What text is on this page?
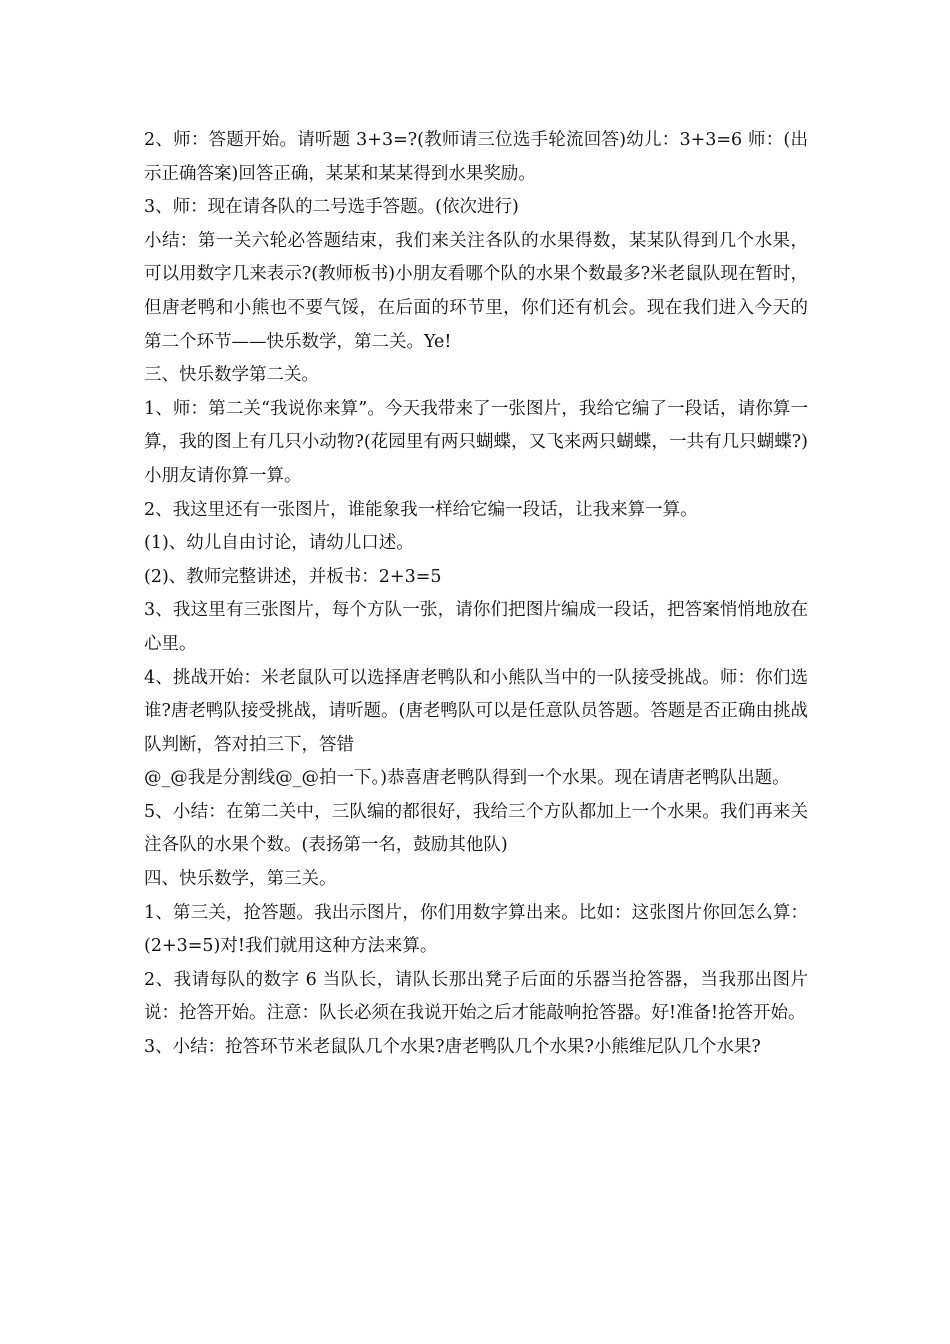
2、师：答题开始。请听题 3+3=?(教师请三位选手轮流回答)幼儿：3+3=6 师：(出示正确答案)回答正确，某某和某某得到水果奖励。

3、师：现在请各队的二号选手答题。(依次进行)

小结：第一关六轮必答题结束，我们来关注各队的水果得数，某某队得到几个水果，可以用数字几来表示?(教师板书)小朋友看哪个队的水果个数最多?米老鼠队现在暂时，但唐老鸭和小熊也不要气馁，在后面的环节里，你们还有机会。现在我们进入今天的第二个环节——快乐数学，第二关。Ye!

三、快乐数学第二关。

1、师：第二关“我说你来算”。今天我带来了一张图片，我给它编了一段话，请你算一算，我的图上有几只小动物?(花园里有两只蝴蝶，又飞来两只蝴蝶，一共有几只蝴蝶?)小朋友请你算一算。

2、我这里还有一张图片，谁能象我一样给它编一段话，让我来算一算。

(1)、幼儿自由讨论，请幼儿口述。

(2)、教师完整讲述，并板书：2+3=5

3、我这里有三张图片，每个方队一张，请你们把图片编成一段话，把答案悄悄地放在心里。

4、挑战开始：米老鼠队可以选择唐老鸭队和小熊队当中的一队接受挑战。师：你们选谁?唐老鸭队接受挑战，请听题。(唐老鸭队可以是任意队员答题。答题是否正确由挑战队判断，答对拍三下，答错

@_@我是分割线@_@拍一下。)恭喜唐老鸭队得到一个水果。现在请唐老鸭队出题。

5、小结：在第二关中，三队编的都很好，我给三个方队都加上一个水果。我们再来关注各队的水果个数。(表扬第一名，鼓励其他队)

四、快乐数学，第三关。

1、第三关，抢答题。我出示图片，你们用数字算出来。比如：这张图片你回怎么算：(2+3=5)对!我们就用这种方法来算。

2、我请每队的数字 6 当队长，请队长那出凳子后面的乐器当抢答器，当我那出图片说：抢答开始。注意：队长必须在我说开始之后才能敲响抢答器。好!准备!抢答开始。

3、小结：抢答环节米老鼠队几个水果?唐老鸭队几个水果?小熊维尼队几个水果?
